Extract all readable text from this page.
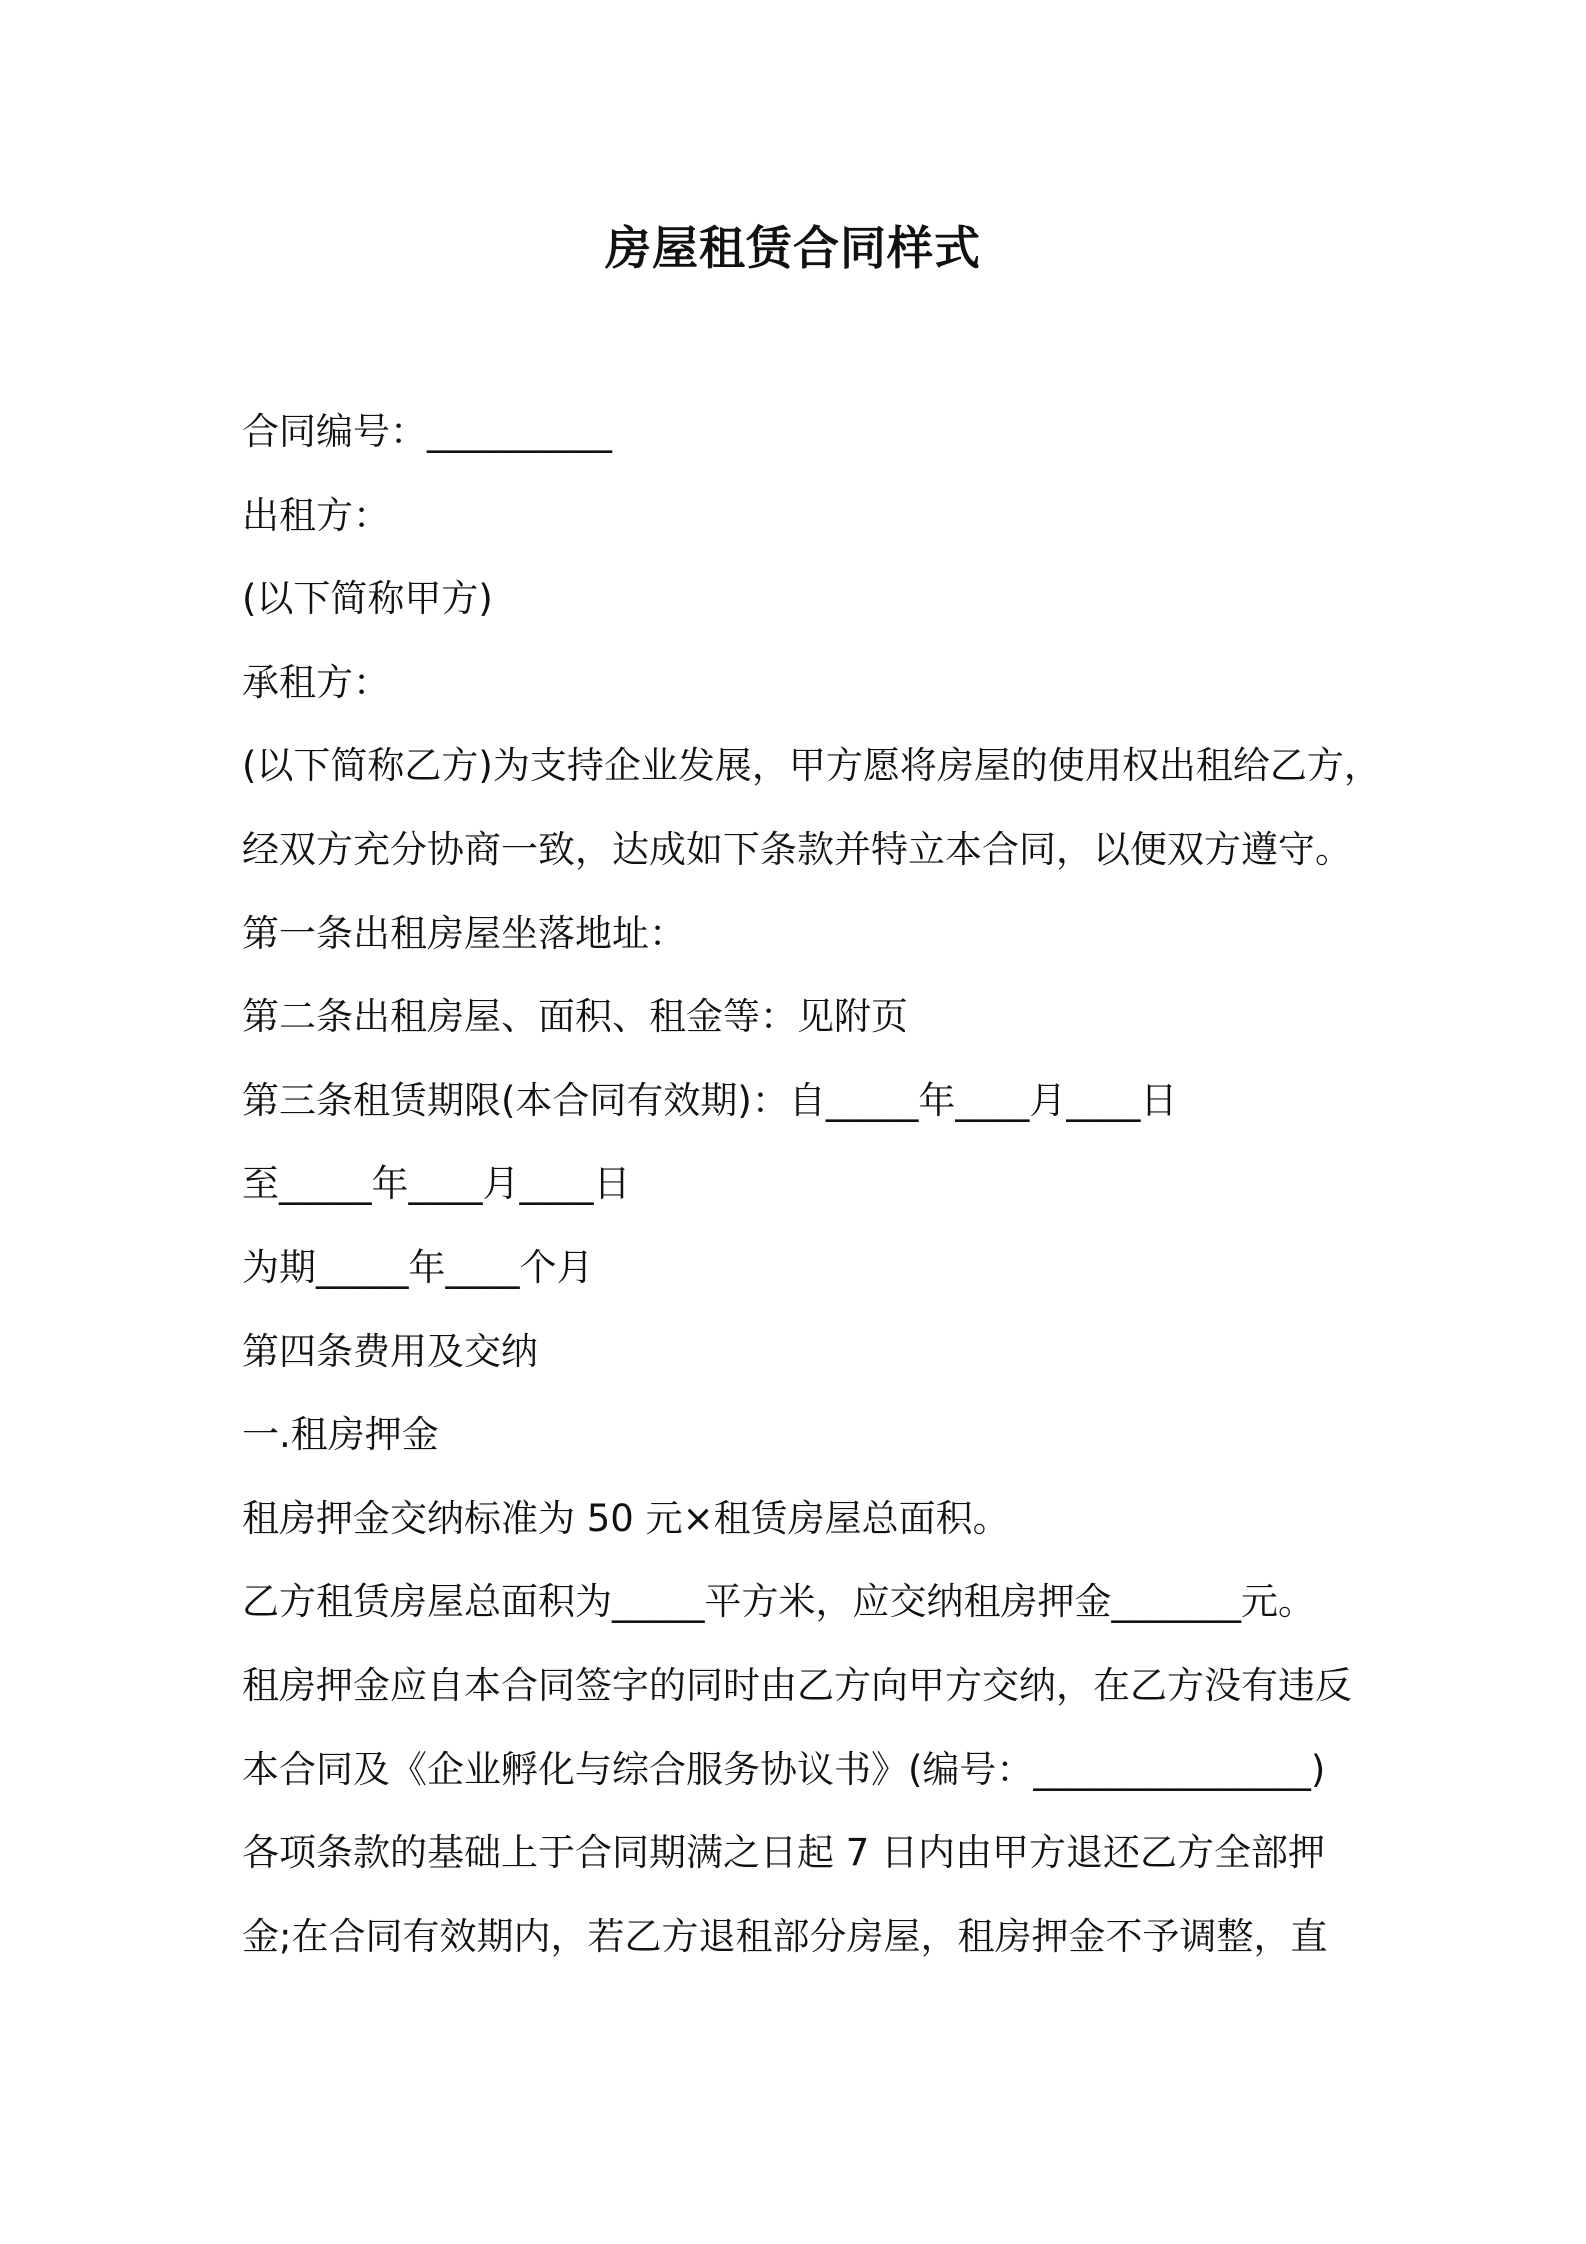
房屋租赁合同样式
合同编号：__________
出租方：
(以下简称甲方)
承租方：
(以下简称乙方)为支持企业发展，甲方愿将房屋的使用权出租给乙方，
经双方充分协商一致，达成如下条款并特立本合同，以便双方遵守。
第一条出租房屋坐落地址：
第二条出租房屋、面积、租金等：见附页
第三条租赁期限(本合同有效期)：自_____年____月____日
至_____年____月____日
为期_____年____个月
第四条费用及交纳
一.租房押金
租房押金交纳标准为 50 元×租赁房屋总面积。
乙方租赁房屋总面积为_____平方米，应交纳租房押金_______元。
租房押金应自本合同签字的同时由乙方向甲方交纳，在乙方没有违反
本合同及《企业孵化与综合服务协议书》(编号：_______________)
各项条款的基础上于合同期满之日起 7 日内由甲方退还乙方全部押
金;在合同有效期内，若乙方退租部分房屋，租房押金不予调整，直
